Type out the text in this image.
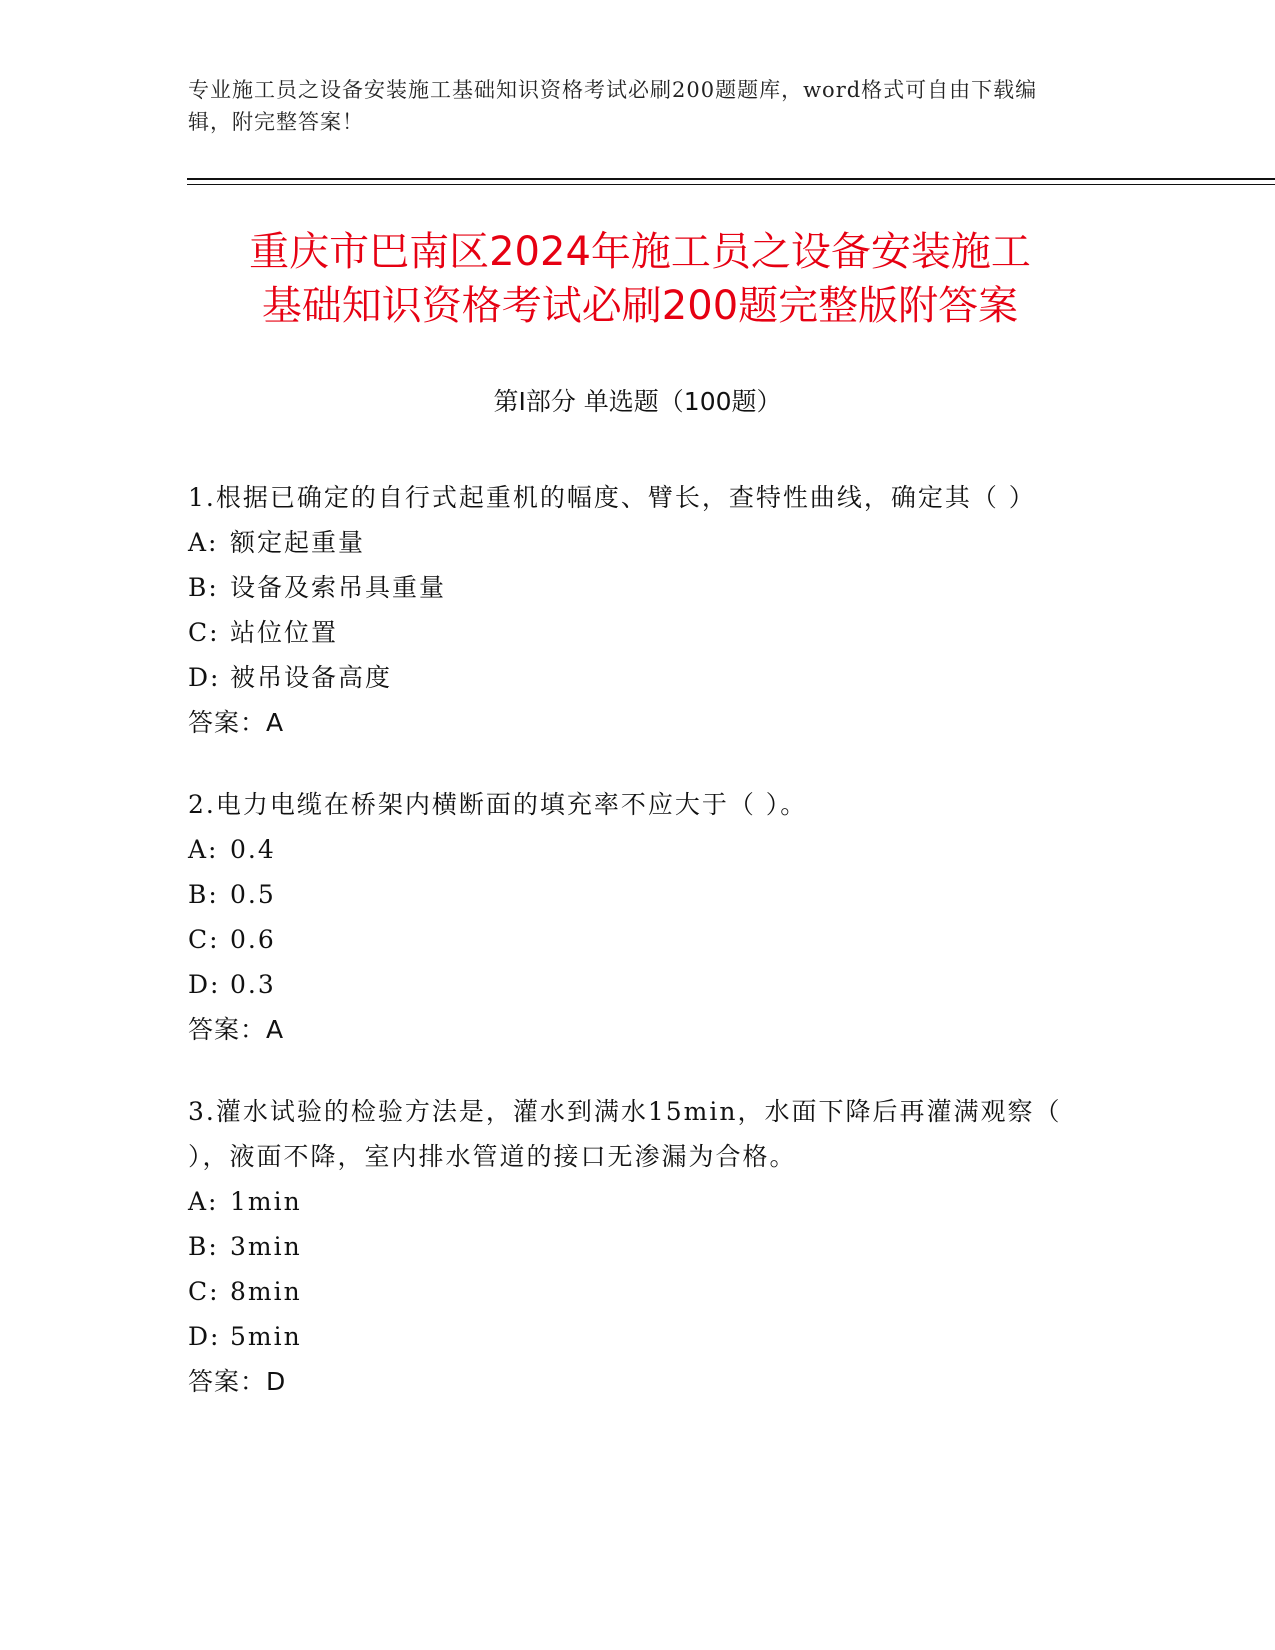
专业施工员之设备安装施工基础知识资格考试必刷200题题库，word格式可自由下载编辑，附完整答案！
重庆市巴南区2024年施工员之设备安装施工
基础知识资格考试必刷200题完整版附答案
第Ⅰ部分 单选题（100题）
1.根据已确定的自行式起重机的幅度、臂长，查特性曲线，确定其（ ）
A: 额定起重量
B: 设备及索吊具重量
C: 站位位置
D: 被吊设备高度
答案：A
2.电力电缆在桥架内横断面的填充率不应大于（ ）。
A: 0.4
B: 0.5
C: 0.6
D: 0.3
答案：A
3.灌水试验的检验方法是，灌水到满水15min，水面下降后再灌满观察（ ），液面不降，室内排水管道的接口无渗漏为合格。
A: 1min
B: 3min
C: 8min
D: 5min
答案：D
